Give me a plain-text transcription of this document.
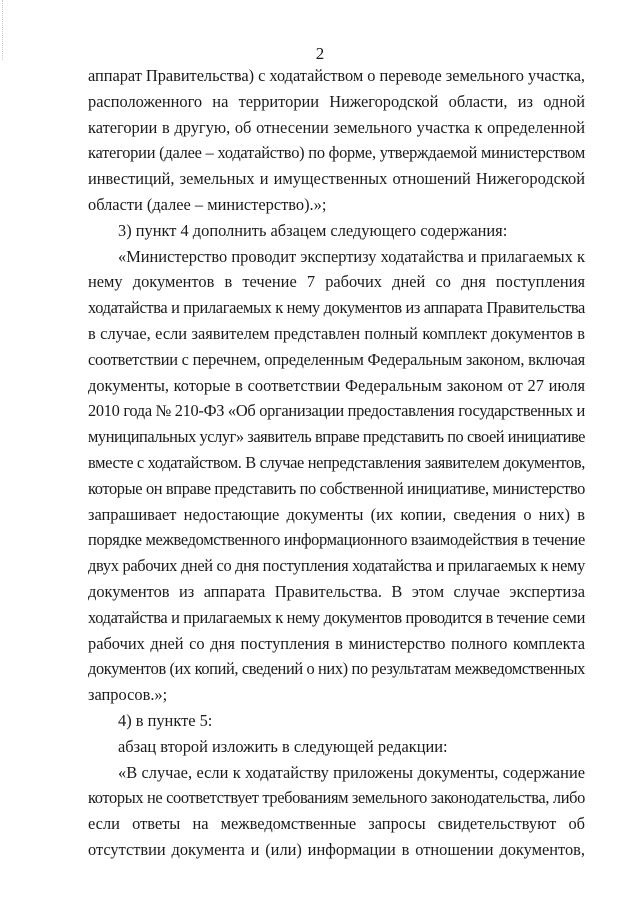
2
аппарат Правительства) с ходатайством о переводе земельного участка,
расположенного на территории Нижегородской области, из одной
категории в другую, об отнесении земельного участка к определенной
категории (далее – ходатайство) по форме, утверждаемой министерством
инвестиций, земельных и имущественных отношений Нижегородской
области (далее – министерство).»;
3) пункт 4 дополнить абзацем следующего содержания:
«Министерство проводит экспертизу ходатайства и прилагаемых к
нему документов в течение 7 рабочих дней со дня поступления
ходатайства и прилагаемых к нему документов из аппарата Правительства
в случае, если заявителем представлен полный комплект документов в
соответствии с перечнем, определенным Федеральным законом, включая
документы, которые в соответствии Федеральным законом от 27 июля
2010 года № 210-ФЗ «Об организации предоставления государственных и
муниципальных услуг» заявитель вправе представить по своей инициативе
вместе с ходатайством. В случае непредставления заявителем документов,
которые он вправе представить по собственной инициативе, министерство
запрашивает недостающие документы (их копии, сведения о них) в
порядке межведомственного информационного взаимодействия в течение
двух рабочих дней со дня поступления ходатайства и прилагаемых к нему
документов из аппарата Правительства. В этом случае экспертиза
ходатайства и прилагаемых к нему документов проводится в течение семи
рабочих дней со дня поступления в министерство полного комплекта
документов (их копий, сведений о них) по результатам межведомственных
запросов.»;
4) в пункте 5:
абзац второй изложить в следующей редакции:
«В случае, если к ходатайству приложены документы, содержание
которых не соответствует требованиям земельного законодательства, либо
если ответы на межведомственные запросы свидетельствуют об
отсутствии документа и (или) информации в отношении документов,
